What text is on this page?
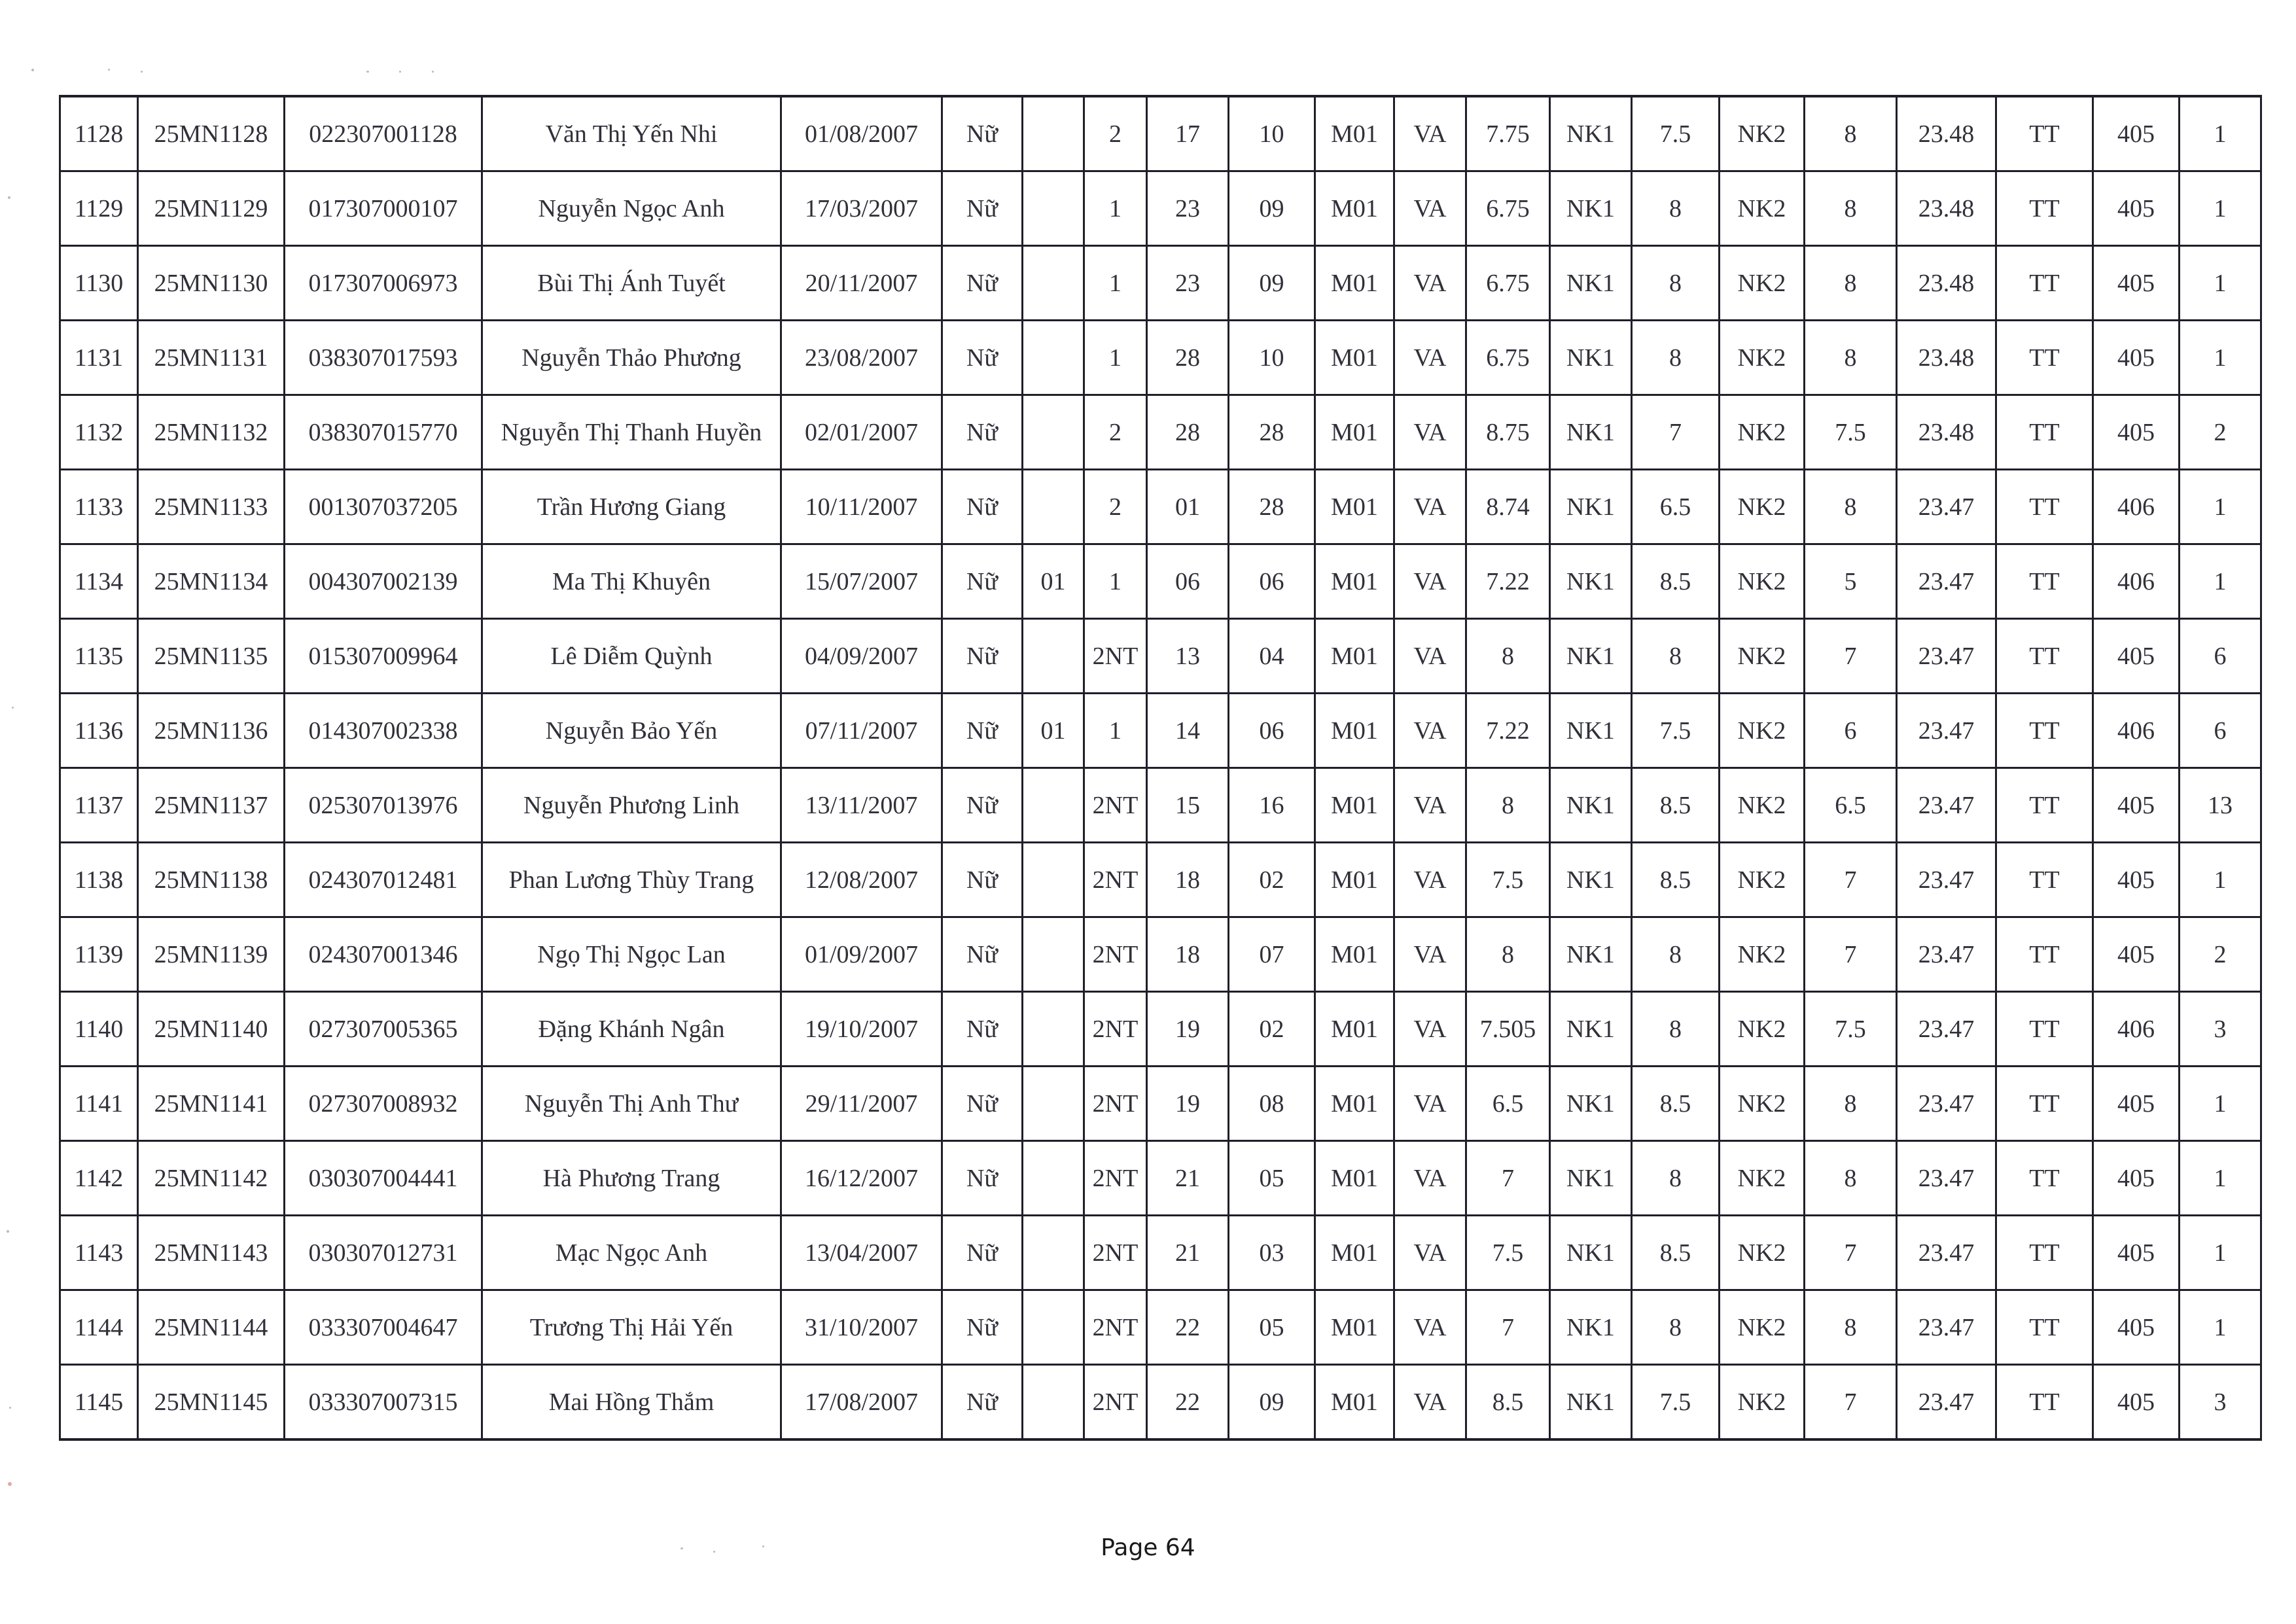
1128	25MN1128	022307001128	Văn Thị Yến Nhi	01/08/2007	Nữ		2	17	10	M01	VA	7.75	NK1	7.5	NK2	8	23.48	TT	405	1
1129	25MN1129	017307000107	Nguyễn Ngọc Anh	17/03/2007	Nữ		1	23	09	M01	VA	6.75	NK1	8	NK2	8	23.48	TT	405	1
1130	25MN1130	017307006973	Bùi Thị Ánh Tuyết	20/11/2007	Nữ		1	23	09	M01	VA	6.75	NK1	8	NK2	8	23.48	TT	405	1
1131	25MN1131	038307017593	Nguyễn Thảo Phương	23/08/2007	Nữ		1	28	10	M01	VA	6.75	NK1	8	NK2	8	23.48	TT	405	1
1132	25MN1132	038307015770	Nguyễn Thị Thanh Huyền	02/01/2007	Nữ		2	28	28	M01	VA	8.75	NK1	7	NK2	7.5	23.48	TT	405	2
1133	25MN1133	001307037205	Trần Hương Giang	10/11/2007	Nữ		2	01	28	M01	VA	8.74	NK1	6.5	NK2	8	23.47	TT	406	1
1134	25MN1134	004307002139	Ma Thị Khuyên	15/07/2007	Nữ	01	1	06	06	M01	VA	7.22	NK1	8.5	NK2	5	23.47	TT	406	1
1135	25MN1135	015307009964	Lê Diễm Quỳnh	04/09/2007	Nữ		2NT	13	04	M01	VA	8	NK1	8	NK2	7	23.47	TT	405	6
1136	25MN1136	014307002338	Nguyễn Bảo Yến	07/11/2007	Nữ	01	1	14	06	M01	VA	7.22	NK1	7.5	NK2	6	23.47	TT	406	6
1137	25MN1137	025307013976	Nguyễn Phương Linh	13/11/2007	Nữ		2NT	15	16	M01	VA	8	NK1	8.5	NK2	6.5	23.47	TT	405	13
1138	25MN1138	024307012481	Phan Lương Thùy Trang	12/08/2007	Nữ		2NT	18	02	M01	VA	7.5	NK1	8.5	NK2	7	23.47	TT	405	1
1139	25MN1139	024307001346	Ngọ Thị Ngọc Lan	01/09/2007	Nữ		2NT	18	07	M01	VA	8	NK1	8	NK2	7	23.47	TT	405	2
1140	25MN1140	027307005365	Đặng Khánh Ngân	19/10/2007	Nữ		2NT	19	02	M01	VA	7.505	NK1	8	NK2	7.5	23.47	TT	406	3
1141	25MN1141	027307008932	Nguyễn Thị Anh Thư	29/11/2007	Nữ		2NT	19	08	M01	VA	6.5	NK1	8.5	NK2	8	23.47	TT	405	1
1142	25MN1142	030307004441	Hà Phương Trang	16/12/2007	Nữ		2NT	21	05	M01	VA	7	NK1	8	NK2	8	23.47	TT	405	1
1143	25MN1143	030307012731	Mạc Ngọc Anh	13/04/2007	Nữ		2NT	21	03	M01	VA	7.5	NK1	8.5	NK2	7	23.47	TT	405	1
1144	25MN1144	033307004647	Trương Thị Hải Yến	31/10/2007	Nữ		2NT	22	05	M01	VA	7	NK1	8	NK2	8	23.47	TT	405	1
1145	25MN1145	033307007315	Mai Hồng Thắm	17/08/2007	Nữ		2NT	22	09	M01	VA	8.5	NK1	7.5	NK2	7	23.47	TT	405	3
Page 64
